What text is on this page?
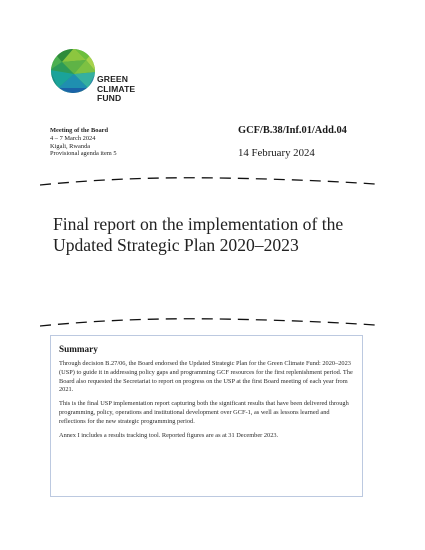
GREEN
CLIMATE
FUND
Meeting of the Board
4 – 7 March 2024
Kigali, Rwanda
Provisional agenda item 5
GCF/B.38/Inf.01/Add.04
14 February 2024
Final report on the implementation of the Updated Strategic Plan 2020–2023
Summary

Through decision B.27/06, the Board endorsed the Updated Strategic Plan for the Green Climate Fund: 2020–2023 (USP) to guide it in addressing policy gaps and programming GCF resources for the first replenishment period. The Board also requested the Secretariat to report on progress on the USP at the first Board meeting of each year from 2021.

This is the final USP implementation report capturing both the significant results that have been delivered through programming, policy, operations and institutional development over GCF-1, as well as lessons learned and reflections for the new strategic programming period.

Annex I includes a results tracking tool. Reported figures are as at 31 December 2023.
